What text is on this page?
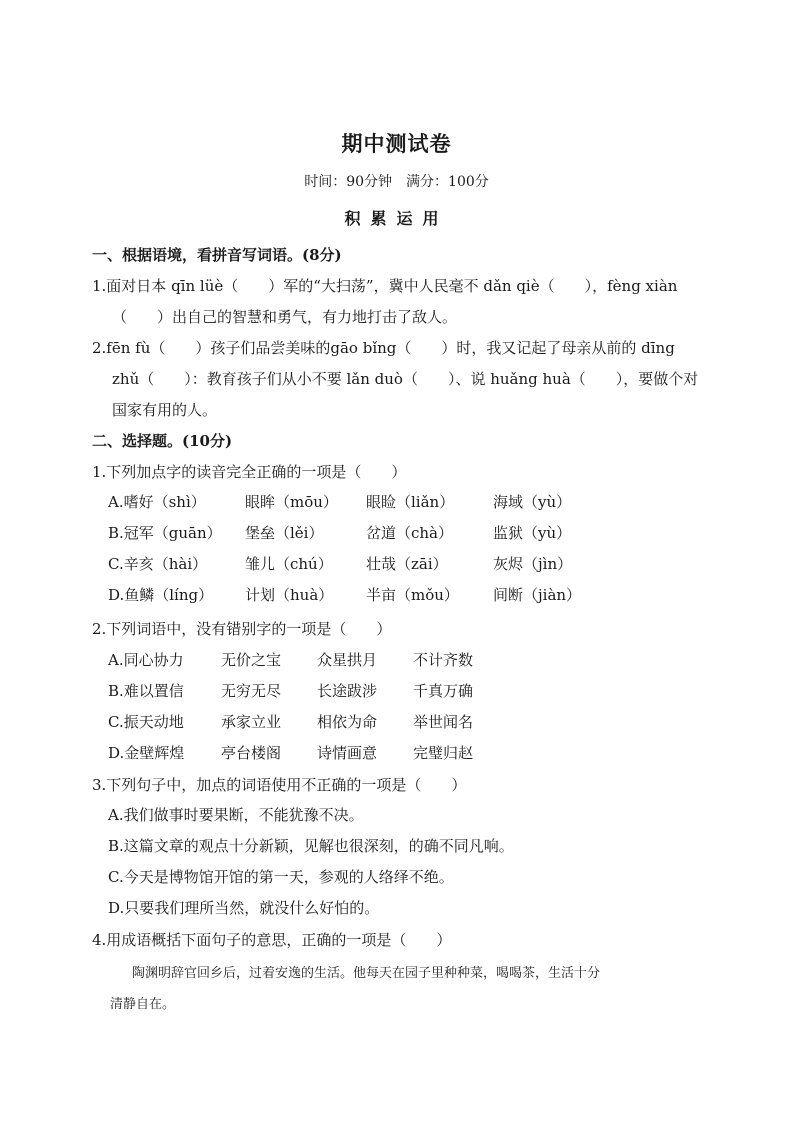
期中测试卷
时间：90分钟　满分：100分
积累运用
一、根据语境，看拼音写词语。(8分)
1.面对日本 qīn lüè（　　）军的“大扫荡”，冀中人民毫不 dǎn qiè（　　），fèng xiàn
（　　）出自己的智慧和勇气，有力地打击了敌人。
2.fēn fù（　　）孩子们品尝美味的gāo bǐng（　　）时，我又记起了母亲从前的 dīng
zhǔ（　　）：教育孩子们从小不要 lǎn duò（　　）、说 huǎng huà（　　），要做个对
国家有用的人。
二、选择题。(10分)
1.下列加点字的读音完全正确的一项是（　　）
A.嗜好（shì）	眼眸（mōu） 眼睑（liǎn）	海域（yù）
B.冠军（guān） 堡垒（lěi）	岔道（chà）	监狱（yù）
C.辛亥（hài）	雏儿（chú） 壮哉（zāi）	灰烬（jìn）
D.鱼鳞（líng） 计划（huà） 半亩（mǒu） 间断（jiàn）
2.下列词语中，没有错别字的一项是（　　）
A.同心协力 无价之宝 众星拱月 不计齐数
B.难以置信 无穷无尽 长途跋涉 千真万确
C.振天动地 承家立业 相依为命 举世闻名
D.金壁辉煌 亭台楼阁 诗情画意 完璧归赵
3.下列句子中，加点的词语使用不正确的一项是（　　）
A.我们做事时要果断，不能犹豫不决。
B.这篇文章的观点十分新颖，见解也很深刻，的确不同凡响。
C.今天是博物馆开馆的第一天，参观的人络绎不绝。
D.只要我们理所当然，就没什么好怕的。
4.用成语概括下面句子的意思，正确的一项是（　　）
陶渊明辞官回乡后，过着安逸的生活。他每天在园子里种种菜，喝喝茶，生活十分
清静自在。
